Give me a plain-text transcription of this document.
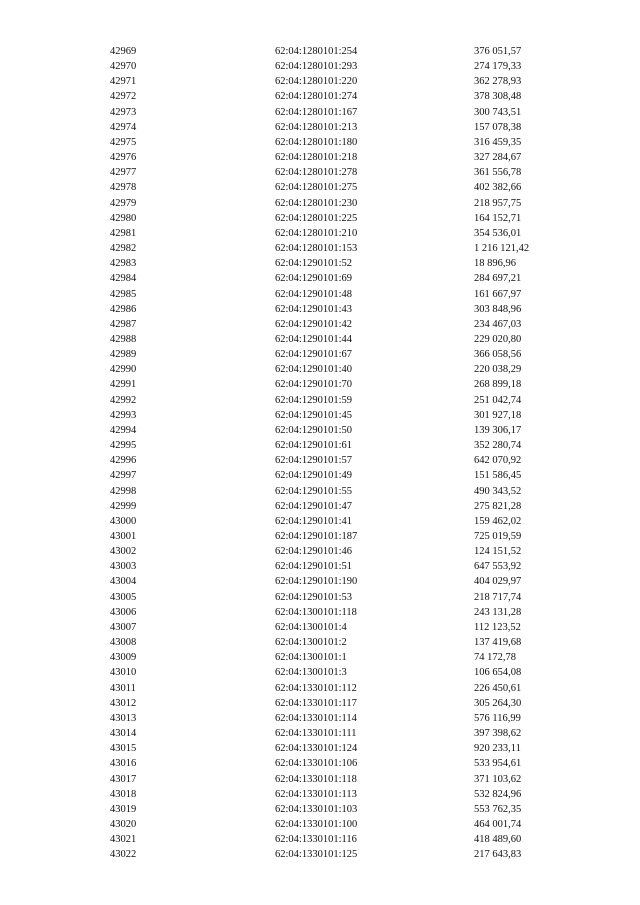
42969	62:04:1280101:254	376 051,57
42970	62:04:1280101:293	274 179,33
42971	62:04:1280101:220	362 278,93
42972	62:04:1280101:274	378 308,48
42973	62:04:1280101:167	300 743,51
42974	62:04:1280101:213	157 078,38
42975	62:04:1280101:180	316 459,35
42976	62:04:1280101:218	327 284,67
42977	62:04:1280101:278	361 556,78
42978	62:04:1280101:275	402 382,66
42979	62:04:1280101:230	218 957,75
42980	62:04:1280101:225	164 152,71
42981	62:04:1280101:210	354 536,01
42982	62:04:1280101:153	1 216 121,42
42983	62:04:1290101:52	18 896,96
42984	62:04:1290101:69	284 697,21
42985	62:04:1290101:48	161 667,97
42986	62:04:1290101:43	303 848,96
42987	62:04:1290101:42	234 467,03
42988	62:04:1290101:44	229 020,80
42989	62:04:1290101:67	366 058,56
42990	62:04:1290101:40	220 038,29
42991	62:04:1290101:70	268 899,18
42992	62:04:1290101:59	251 042,74
42993	62:04:1290101:45	301 927,18
42994	62:04:1290101:50	139 306,17
42995	62:04:1290101:61	352 280,74
42996	62:04:1290101:57	642 070,92
42997	62:04:1290101:49	151 586,45
42998	62:04:1290101:55	490 343,52
42999	62:04:1290101:47	275 821,28
43000	62:04:1290101:41	159 462,02
43001	62:04:1290101:187	725 019,59
43002	62:04:1290101:46	124 151,52
43003	62:04:1290101:51	647 553,92
43004	62:04:1290101:190	404 029,97
43005	62:04:1290101:53	218 717,74
43006	62:04:1300101:118	243 131,28
43007	62:04:1300101:4	112 123,52
43008	62:04:1300101:2	137 419,68
43009	62:04:1300101:1	74 172,78
43010	62:04:1300101:3	106 654,08
43011	62:04:1330101:112	226 450,61
43012	62:04:1330101:117	305 264,30
43013	62:04:1330101:114	576 116,99
43014	62:04:1330101:111	397 398,62
43015	62:04:1330101:124	920 233,11
43016	62:04:1330101:106	533 954,61
43017	62:04:1330101:118	371 103,62
43018	62:04:1330101:113	532 824,96
43019	62:04:1330101:103	553 762,35
43020	62:04:1330101:100	464 001,74
43021	62:04:1330101:116	418 489,60
43022	62:04:1330101:125	217 643,83
